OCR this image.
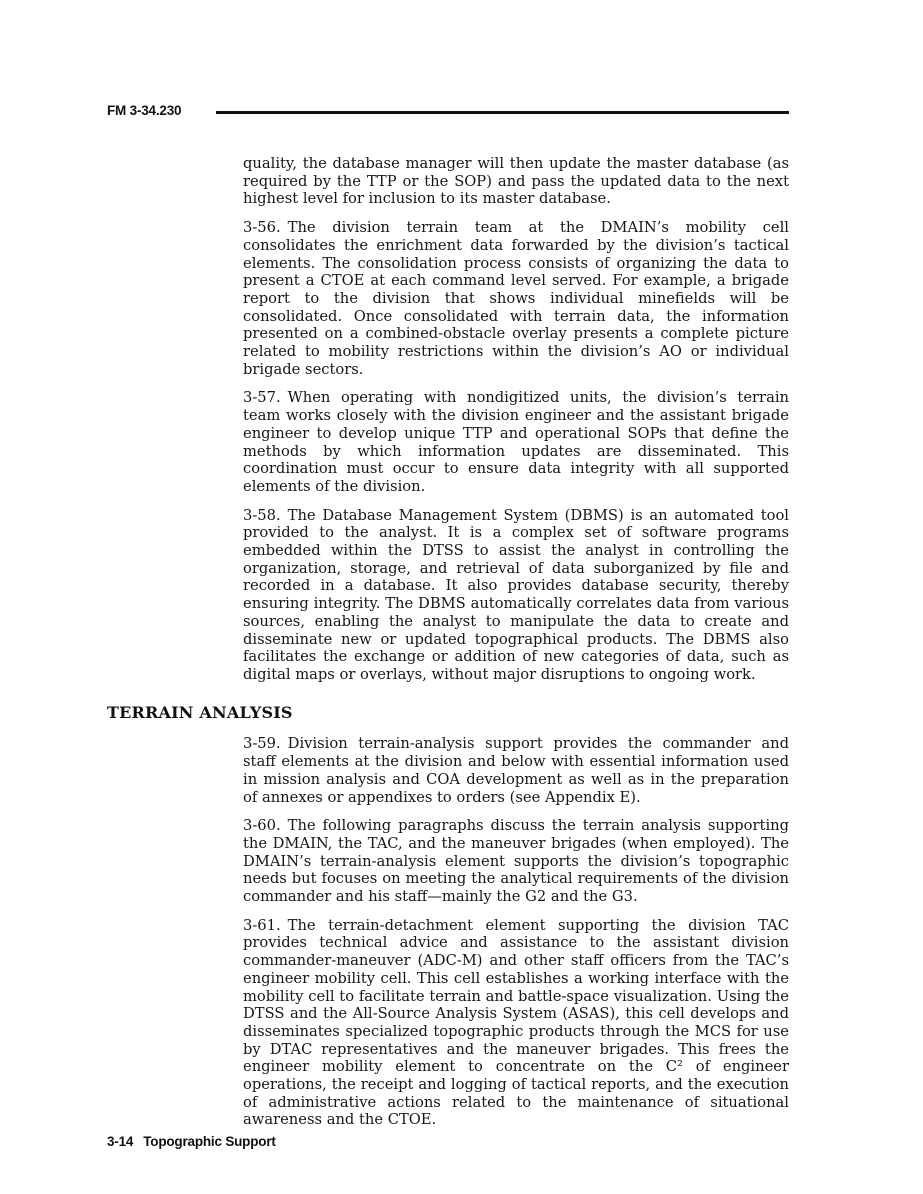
FM 3-34.230

quality, the database manager will then update the master database (as required by the TTP or the SOP) and pass the updated data to the next highest level for inclusion to its master database.

3-56. The division terrain team at the DMAIN’s mobility cell consolidates the enrichment data forwarded by the division’s tactical elements. The consolidation process consists of organizing the data to present a CTOE at each command level served. For example, a brigade report to the division that shows individual minefields will be consolidated. Once consolidated with terrain data, the information presented on a combined-obstacle overlay presents a complete picture related to mobility restrictions within the division’s AO or individual brigade sectors.

3-57. When operating with nondigitized units, the division’s terrain team works closely with the division engineer and the assistant brigade engineer to develop unique TTP and operational SOPs that define the methods by which information updates are disseminated. This coordination must occur to ensure data integrity with all supported elements of the division.

3-58. The Database Management System (DBMS) is an automated tool provided to the analyst. It is a complex set of software programs embedded within the DTSS to assist the analyst in controlling the organization, storage, and retrieval of data suborganized by file and recorded in a database. It also provides database security, thereby ensuring integrity. The DBMS automatically correlates data from various sources, enabling the analyst to manipulate the data to create and disseminate new or updated topographical products. The DBMS also facilitates the exchange or addition of new categories of data, such as digital maps or overlays, without major disruptions to ongoing work.

TERRAIN ANALYSIS

3-59. Division terrain-analysis support provides the commander and staff elements at the division and below with essential information used in mission analysis and COA development as well as in the preparation of annexes or appendixes to orders (see Appendix E).

3-60. The following paragraphs discuss the terrain analysis supporting the DMAIN, the TAC, and the maneuver brigades (when employed). The DMAIN’s terrain-analysis element supports the division’s topographic needs but focuses on meeting the analytical requirements of the division commander and his staff—mainly the G2 and the G3.

3-61. The terrain-detachment element supporting the division TAC provides technical advice and assistance to the assistant division commander-maneuver (ADC-M) and other staff officers from the TAC’s engineer mobility cell. This cell establishes a working interface with the mobility cell to facilitate terrain and battle-space visualization. Using the DTSS and the All-Source Analysis System (ASAS), this cell develops and disseminates specialized topographic products through the MCS for use by DTAC representatives and the maneuver brigades. This frees the engineer mobility element to concentrate on the C² of engineer operations, the receipt and logging of tactical reports, and the execution of administrative actions related to the maintenance of situational awareness and the CTOE.

3-14 Topographic Support
